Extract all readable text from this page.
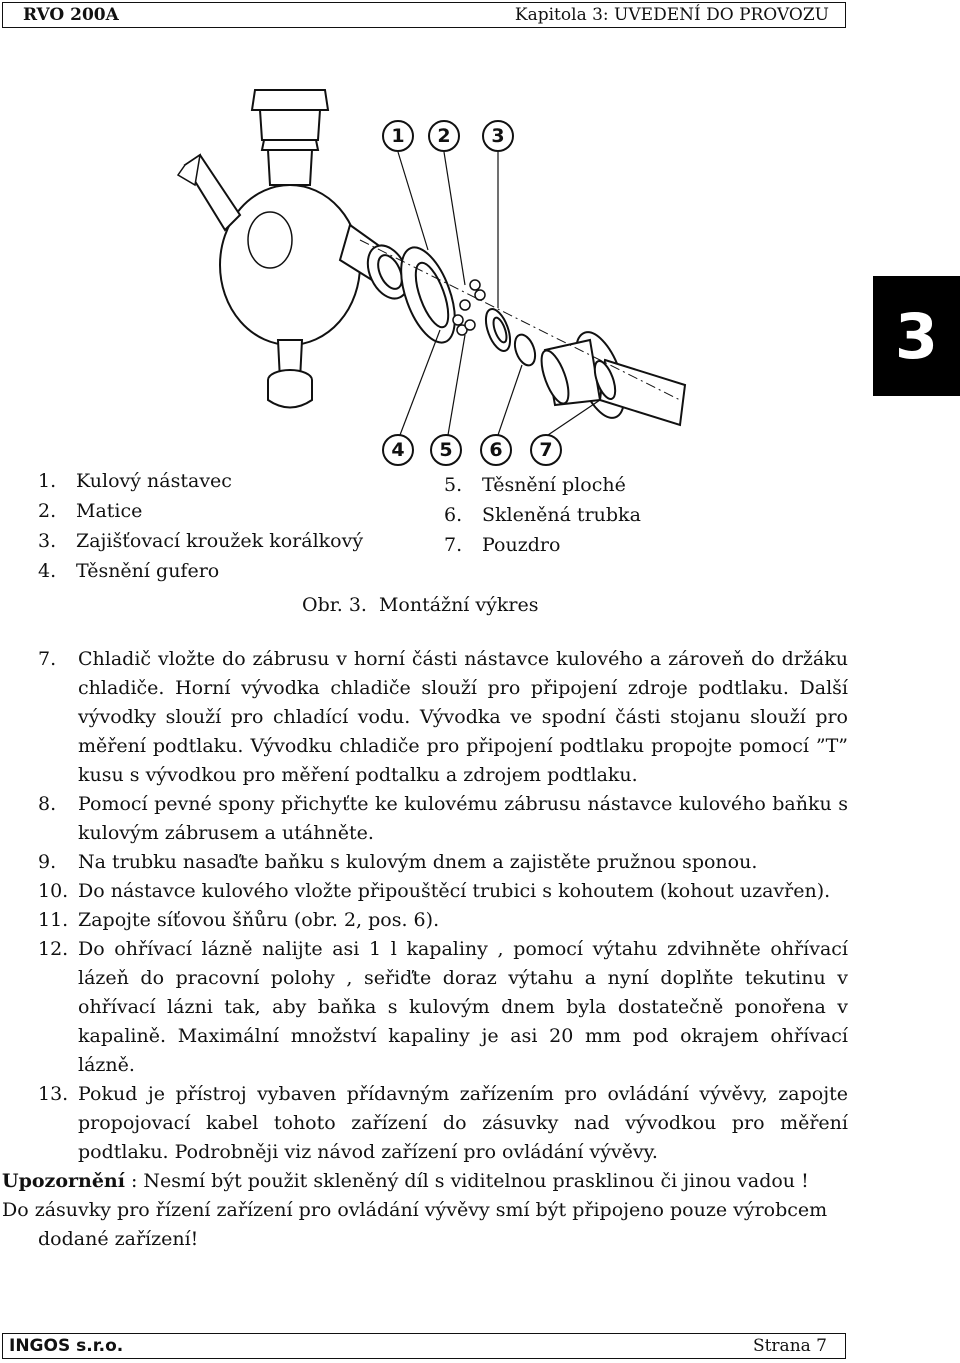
RVO 200A	Kapitola 3: UVEDENÍ DO PROVOZU
3
1	2	3
4	5	6	7
1. Kulový nástavec
2. Matice
3. Zajišťovací kroužek korálkový
4. Těsnění gufero
5. Těsnění ploché
6. Skleněná trubka
7. Pouzdro
Obr. 3. Montážní výkres

7. Chladič vložte do zábrusu v horní části nástavce kulového a zároveň do držáku chladiče. Horní vývodka chladiče slouží pro připojení zdroje podtlaku. Další vývodky slouží pro chladící vodu. Vývodka ve spodní části stojanu slouží pro měření podtlaku. Vývodku chladiče pro připojení podtlaku propojte pomocí ”T” kusu s vývodkou pro měření podtalku a zdrojem podtlaku.

8. Pomocí pevné spony přichyťte ke kulovému zábrusu nástavce kulového baňku s kulovým zábrusem a utáhněte.

9. Na trubku nasaďte baňku s kulovým dnem a zajistěte pružnou sponou.

10. Do nástavce kulového vložte připouštěcí trubici s kohoutem (kohout uzavřen).

11. Zapojte síťovou šňůru (obr. 2, pos. 6).

12. Do ohřívací lázně nalijte asi 1 l kapaliny , pomocí výtahu zdvihněte ohřívací lázeň do pracovní polohy , seřiďte doraz výtahu a nyní doplňte tekutinu v ohřívací lázni tak, aby baňka s kulovým dnem byla dostatečně ponořena v kapalině. Maximální množství kapaliny je asi 20 mm pod okrajem ohřívací lázně.

13. Pokud je přístroj vybaven přídavným zařízením pro ovládání vývěvy, zapojte propojovací kabel tohoto zařízení do zásuvky nad vývodkou pro měření podtlaku. Podrobněji viz návod zařízení pro ovládání vývěvy.

Upozornění : Nesmí být použit skleněný díl s viditelnou prasklinou či jinou vadou !

Do zásuvky pro řízení zařízení pro ovládání vývěvy smí být připojeno pouze výrobcem dodané zařízení!

INGOS s.r.o.	Strana 7
